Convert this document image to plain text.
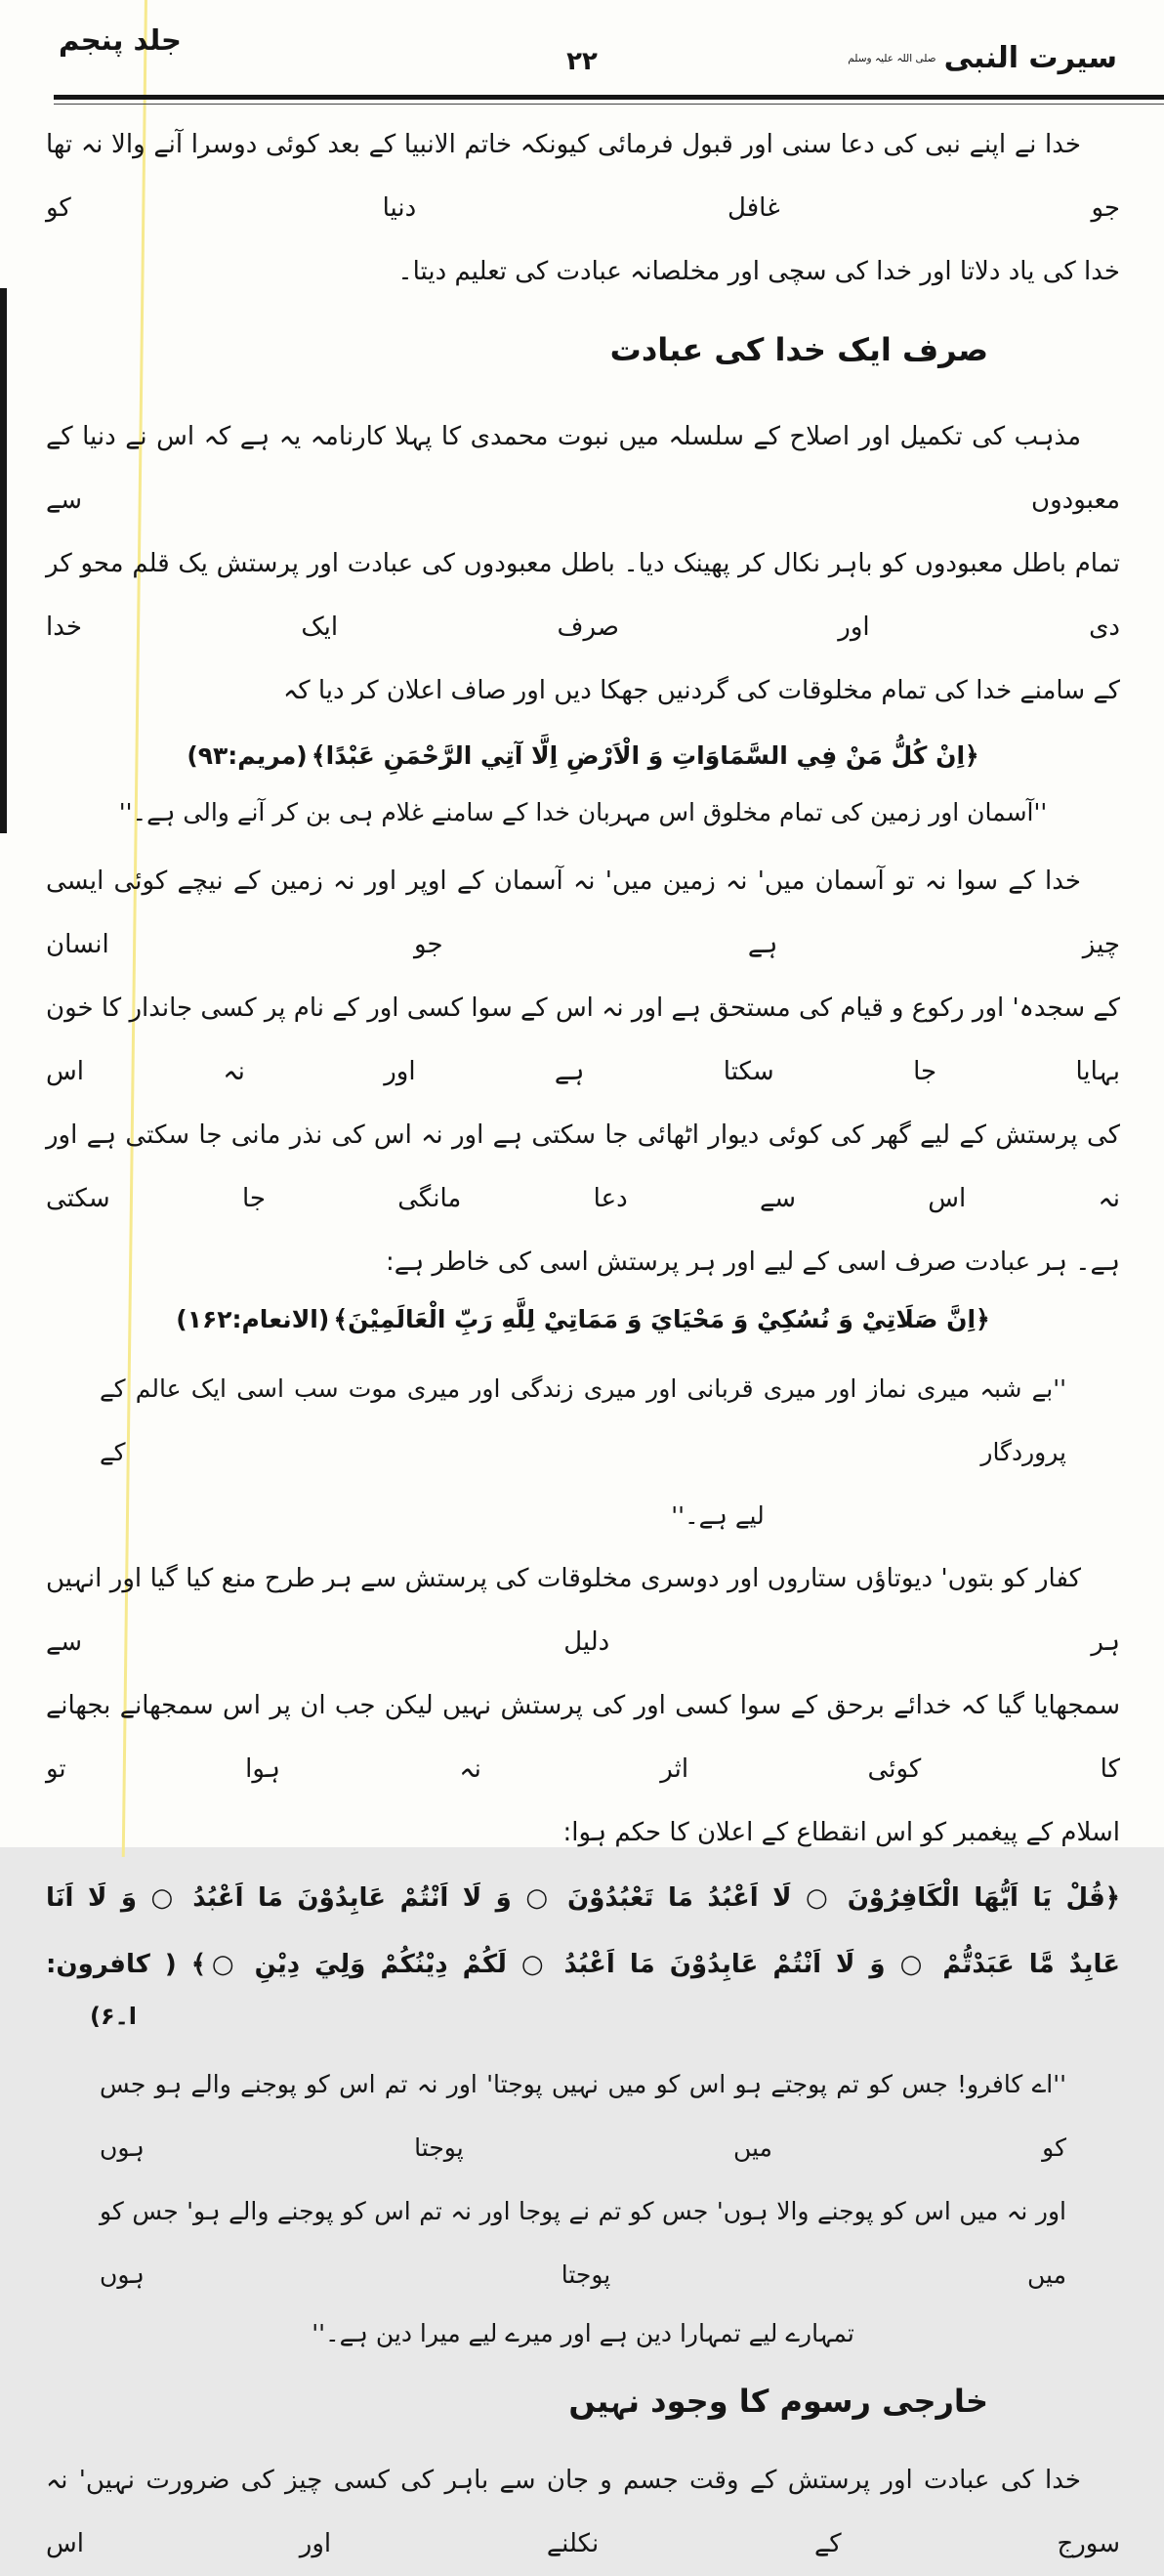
سیرت النبیصلی اللہ علیہ وسلم
۲۲
جلد پنجم
خدا نے اپنے نبی کی دعا سنی اور قبول فرمائی کیونکہ خاتم الانبیا کے بعد کوئی دوسرا آنے والا نہ تھا جو غافل دنیا کو
خدا کی یاد دلاتا اور خدا کی سچی اور مخلصانہ عبادت کی تعلیم دیتا۔
صرف ایک خدا کی عبادت
مذہب کی تکمیل اور اصلاح کے سلسلہ میں نبوت محمدی کا پہلا کارنامہ یہ ہے کہ اس نے دنیا کے معبودوں سے
تمام باطل معبودوں کو باہر نکال کر پھینک دیا۔ باطل معبودوں کی عبادت اور پرستش یک قلم محو کر دی اور صرف ایک خدا
کے سامنے خدا کی تمام مخلوقات کی گردنیں جھکا دیں اور صاف اعلان کر دیا کہ
﴿اِنْ كُلُّ مَنْ فِي السَّمَاوَاتِ وَ الْاَرْضِ اِلَّا آتِي الرَّحْمَنِ عَبْدًا﴾ (مریم:۹۳)
''آسمان اور زمین کی تمام مخلوق اس مہربان خدا کے سامنے غلام ہی بن کر آنے والی ہے۔''
خدا کے سوا نہ تو آسمان میں' نہ زمین میں' نہ آسمان کے اوپر اور نہ زمین کے نیچے کوئی ایسی چیز ہے جو انسان
کے سجدہ' اور رکوع و قیام کی مستحق ہے اور نہ اس کے سوا کسی اور کے نام پر کسی جاندار کا خون بہایا جا سکتا ہے اور نہ اس
کی پرستش کے لیے گھر کی کوئی دیوار اٹھائی جا سکتی ہے اور نہ اس کی نذر مانی جا سکتی ہے اور نہ اس سے دعا مانگی جا سکتی
ہے۔ ہر عبادت صرف اسی کے لیے اور ہر پرستش اسی کی خاطر ہے:
﴿اِنَّ صَلَاتِيْ وَ نُسُكِيْ وَ مَحْيَايَ وَ مَمَاتِيْ لِلَّهِ رَبِّ الْعَالَمِيْنَ﴾ (الانعام:۱۶۲)
''بے شبہ میری نماز اور میری قربانی اور میری زندگی اور میری موت سب اسی ایک عالم کے پروردگار کے
لیے ہے۔''
کفار کو بتوں' دیوتاؤں ستاروں اور دوسری مخلوقات کی پرستش سے ہر طرح منع کیا گیا اور انہیں ہر دلیل سے
سمجھایا گیا کہ خدائے برحق کے سوا کسی اور کی پرستش نہیں لیکن جب ان پر اس سمجھانے بجھانے کا کوئی اثر نہ ہوا تو
اسلام کے پیغمبر کو اس انقطاع کے اعلان کا حکم ہوا:
﴿قُلْ يَا اَيُّهَا الْكَافِرُوْنَ ○ لَا اَعْبُدُ مَا تَعْبُدُوْنَ ○ وَ لَا اَنْتُمْ عَابِدُوْنَ مَا اَعْبُدُ ○ وَ لَا اَنَا
عَابِدٌ مَّا عَبَدْتُّمْ ○ وَ لَا اَنْتُمْ عَابِدُوْنَ مَا اَعْبُدُ ○ لَكُمْ دِيْنُكُمْ وَلِيَ دِيْنِ ○﴾ ( كافرون:
ا۔۶)
''اے کافرو! جس کو تم پوجتے ہو اس کو میں نہیں پوجتا' اور نہ تم اس کو پوجنے والے ہو جس کو میں پوجتا ہوں
اور نہ میں اس کو پوجنے والا ہوں' جس کو تم نے پوجا اور نہ تم اس کو پوجنے والے ہو' جس کو میں پوجتا ہوں
تمہارے لیے تمہارا دین ہے اور میرے لیے میرا دین ہے۔''
خارجی رسوم کا وجود نہیں
خدا کی عبادت اور پرستش کے وقت جسم و جان سے باہر کی کسی چیز کی ضرورت نہیں' نہ سورج کے نکلنے اور اس
